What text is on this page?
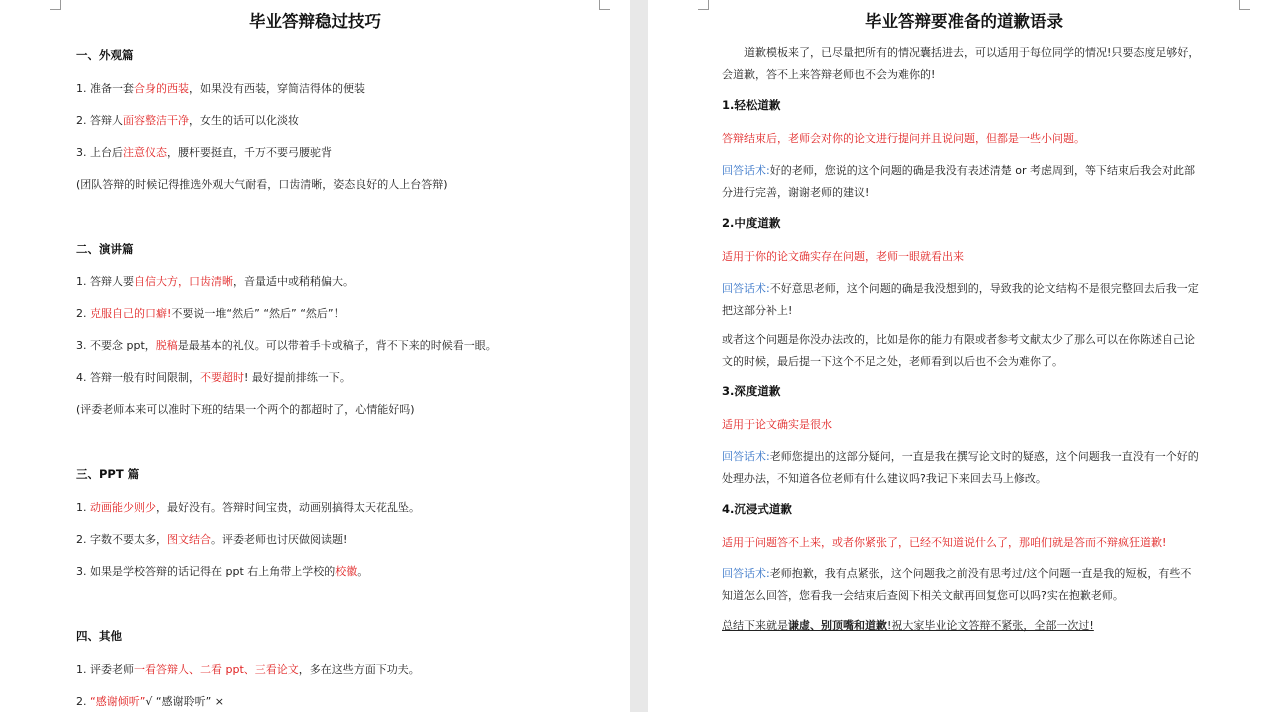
毕业答辩稳过技巧
一、外观篇
1. 准备一套合身的西装，如果没有西装，穿简洁得体的便装
2. 答辩人面容整洁干净，女生的话可以化淡妆
3. 上台后注意仪态，腰杆要挺直，千万不要弓腰驼背
(团队答辩的时候记得推选外观大气耐看，口齿清晰，姿态良好的人上台答辩)
二、演讲篇
1. 答辩人要自信大方，口齿清晰，音量适中或稍稍偏大。
2. 克服自己的口癖!不要说一堆“然后” “然后” “然后”！
3. 不要念 ppt，脱稿是最基本的礼仪。可以带着手卡或稿子，背不下来的时候看一眼。
4. 答辩一般有时间限制，不要超时! 最好提前排练一下。
(评委老师本来可以准时下班的结果一个两个的都超时了，心情能好吗)
三、PPT 篇
1. 动画能少则少，最好没有。答辩时间宝贵，动画别搞得太天花乱坠。
2. 字数不要太多，图文结合。评委老师也讨厌做阅读题!
3. 如果是学校答辩的话记得在 ppt 右上角带上学校的校徽。
四、其他
1. 评委老师一看答辩人、二看 ppt、三看论文，多在这些方面下功夫。
2. “感谢倾听”√ “感谢聆听” ×
毕业答辩要准备的道歉语录
道歉模板来了，已尽量把所有的情况囊括进去，可以适用于每位同学的情况!只要态度足够好，会道歉，答不上来答辩老师也不会为难你的!
1.轻松道歉
答辩结束后，老师会对你的论文进行提问并且说问题，但都是一些小问题。
回答话术:好的老师，您说的这个问题的确是我没有表述清楚 or 考虑周到，等下结束后我会对此部分进行完善，谢谢老师的建议!
2.中度道歉
适用于你的论文确实存在问题，老师一眼就看出来
回答话术:不好意思老师，这个问题的确是我没想到的，导致我的论文结构不是很完整回去后我一定把这部分补上!
或者这个问题是你没办法改的，比如是你的能力有限或者参考文献太少了那么可以在你陈述自己论文的时候，最后提一下这个不足之处，老师看到以后也不会为难你了。
3.深度道歉
适用于论文确实是很水
回答话术:老师您提出的这部分疑问，一直是我在撰写论文时的疑惑，这个问题我一直没有一个好的处理办法，不知道各位老师有什么建议吗?我记下来回去马上修改。
4.沉浸式道歉
适用于问题答不上来，或者你紧张了，已经不知道说什么了，那咱们就是答而不辩疯狂道歉!
回答话术:老师抱歉，我有点紧张，这个问题我之前没有思考过/这个问题一直是我的短板，有些不知道怎么回答，您看我一会结束后查阅下相关文献再回复您可以吗?实在抱歉老师。
总结下来就是谦虚、别顶嘴和道歉!祝大家毕业论文答辩不紧张，全部一次过!
